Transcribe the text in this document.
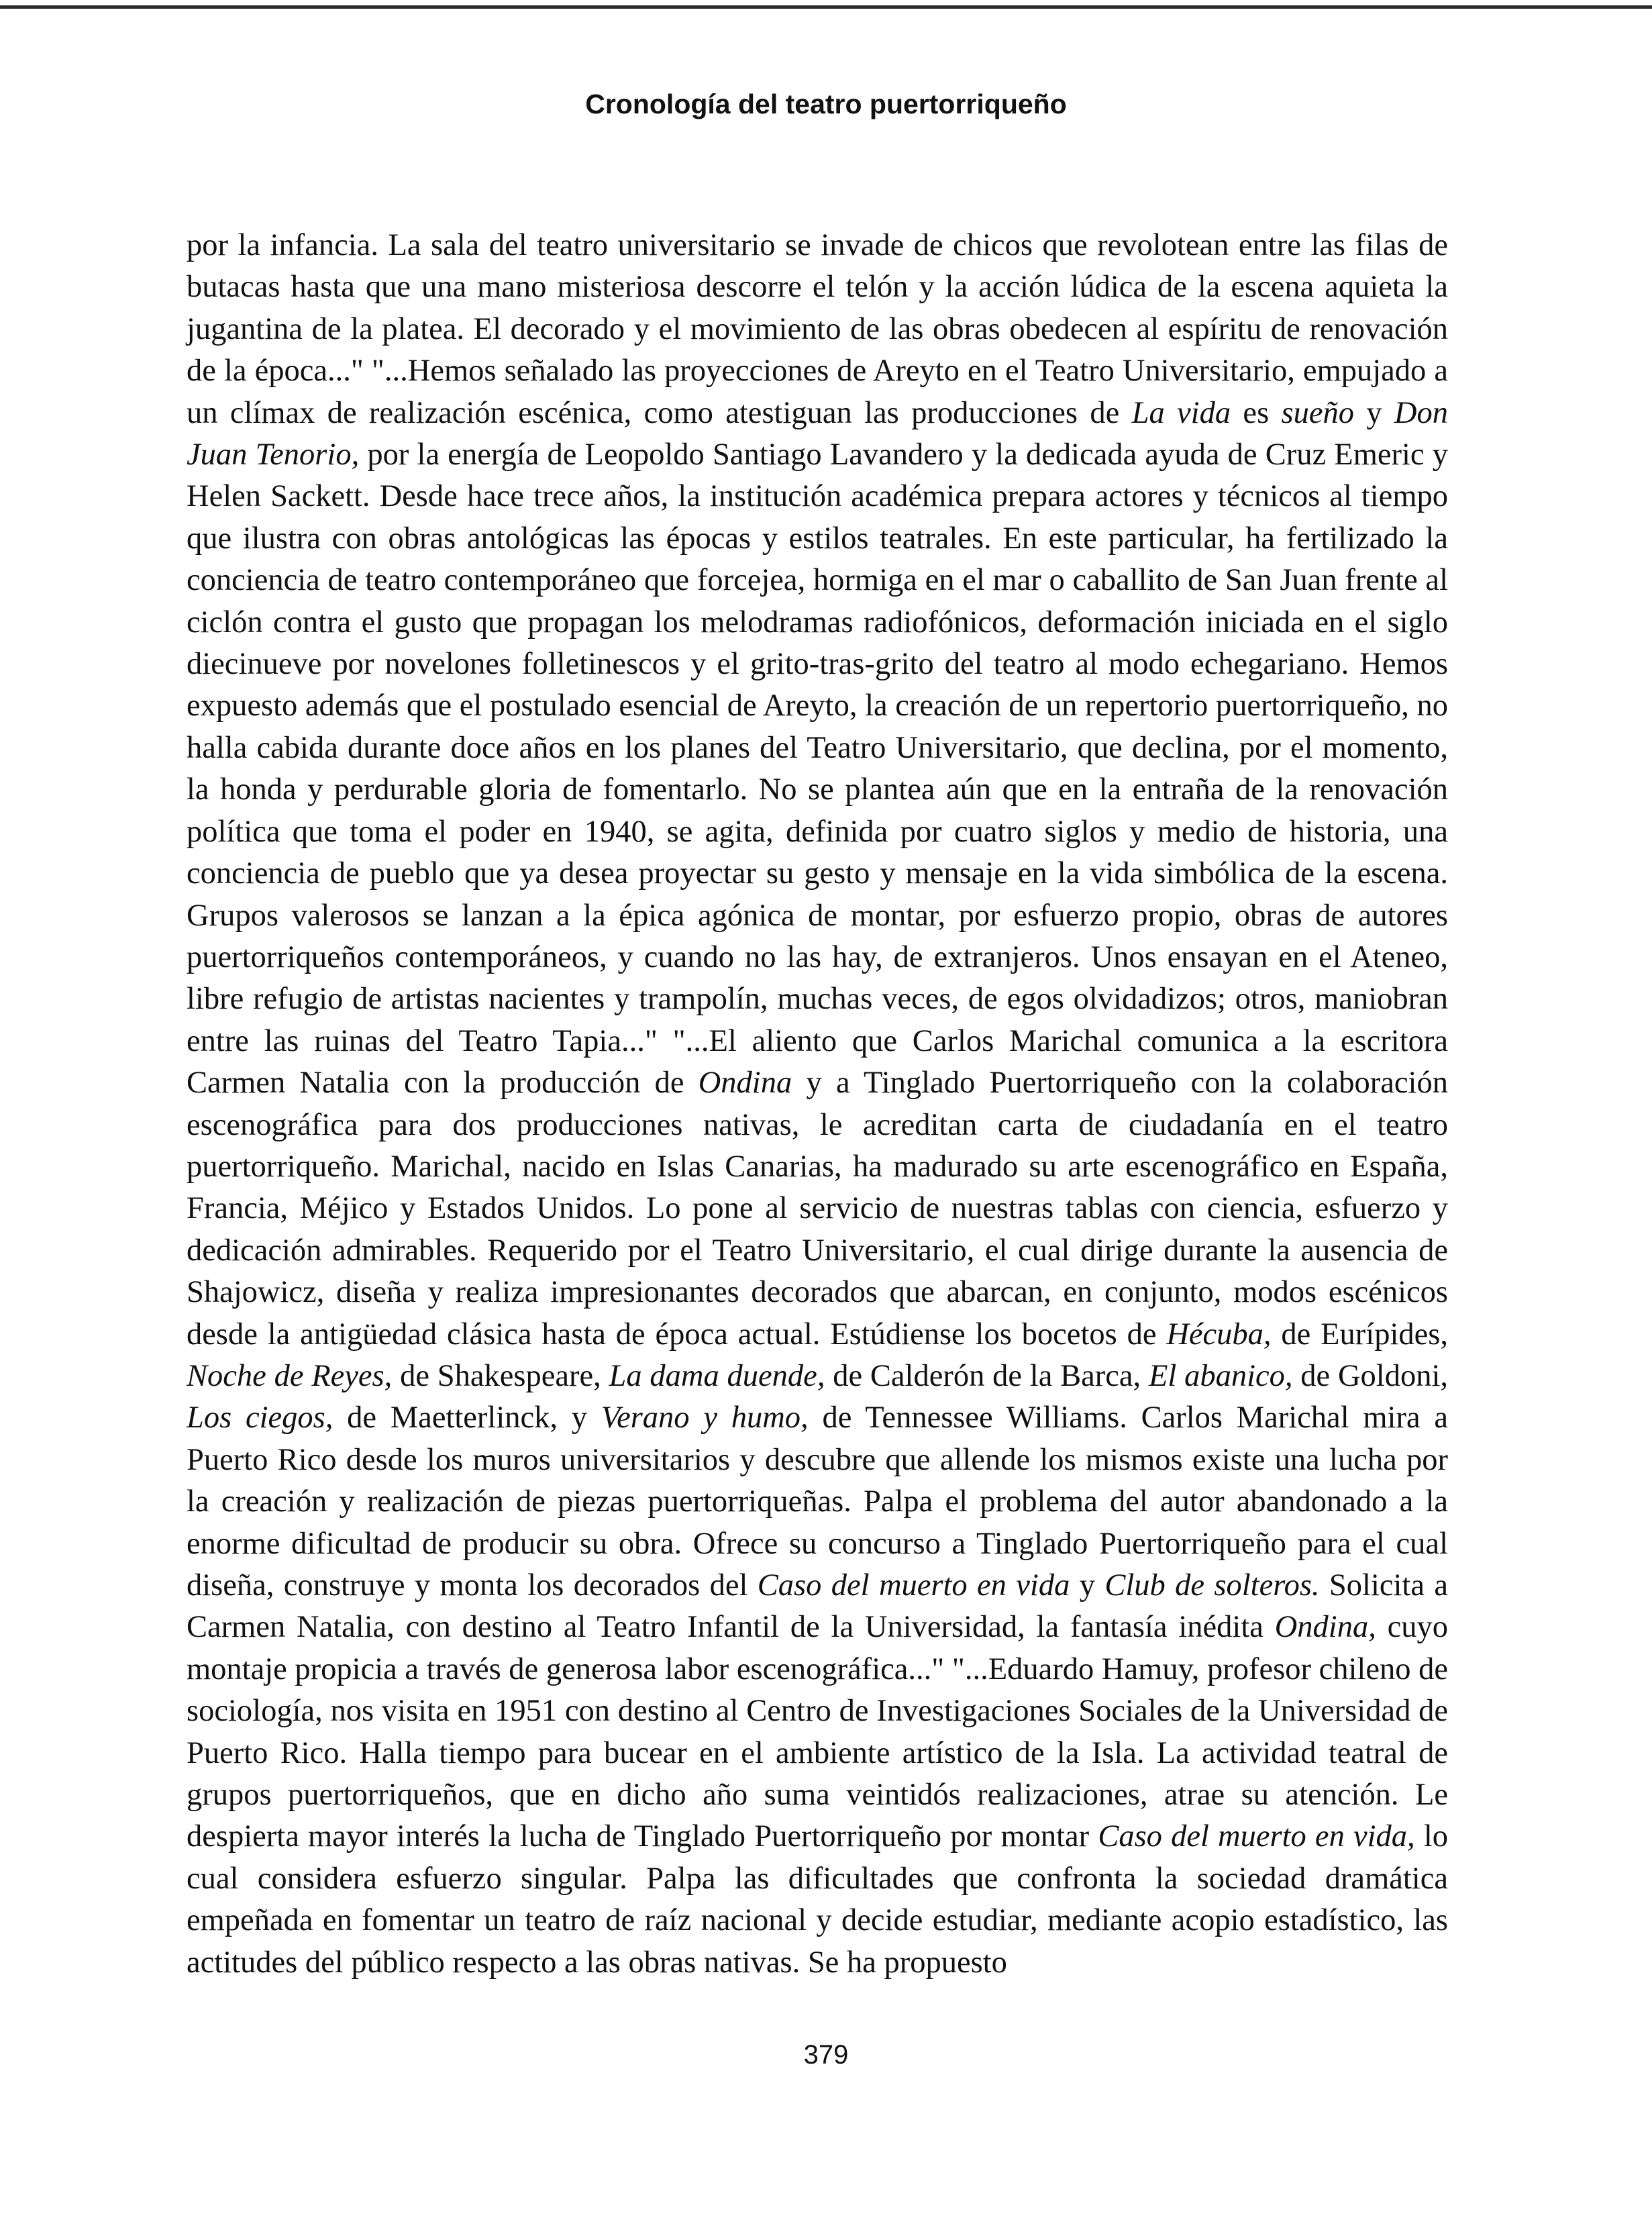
Cronología del teatro puertorriqueño
por la infancia. La sala del teatro universitario se invade de chicos que revolotean entre las filas de butacas hasta que una mano misteriosa descorre el telón y la acción lúdica de la escena aquieta la jugantina de la platea. El decorado y el movimiento de las obras obedecen al espíritu de renovación de la época..." "...Hemos señalado las proyecciones de Areyto en el Teatro Universitario, empujado a un clímax de realización escénica, como atestiguan las producciones de La vida es sueño y Don Juan Tenorio, por la energía de Leopoldo Santiago Lavandero y la dedicada ayuda de Cruz Emeric y Helen Sackett. Desde hace trece años, la institución académica prepara actores y técnicos al tiempo que ilustra con obras antológicas las épocas y estilos teatrales. En este particular, ha fertilizado la conciencia de teatro contemporáneo que forcejea, hormiga en el mar o caballito de San Juan frente al ciclón contra el gusto que propagan los melodramas radiofónicos, deformación iniciada en el siglo diecinueve por novelones folletinescos y el grito-tras-grito del teatro al modo echegariano. Hemos expuesto además que el postulado esencial de Areyto, la creación de un repertorio puertorriqueño, no halla cabida durante doce años en los planes del Teatro Universitario, que declina, por el momento, la honda y perdurable gloria de fomentarlo. No se plantea aún que en la entraña de la renovación política que toma el poder en 1940, se agita, definida por cuatro siglos y medio de historia, una conciencia de pueblo que ya desea proyectar su gesto y mensaje en la vida simbólica de la escena. Grupos valerosos se lanzan a la épica agónica de montar, por esfuerzo propio, obras de autores puertorriqueños contemporáneos, y cuando no las hay, de extranjeros. Unos ensayan en el Ateneo, libre refugio de artistas nacientes y trampolín, muchas veces, de egos olvidadizos; otros, maniobran entre las ruinas del Teatro Tapia..." "...El aliento que Carlos Marichal comunica a la escritora Carmen Natalia con la producción de Ondina y a Tinglado Puertorriqueño con la colaboración escenográfica para dos producciones nativas, le acreditan carta de ciudadanía en el teatro puertorriqueño. Marichal, nacido en Islas Canarias, ha madurado su arte escenográfico en España, Francia, Méjico y Estados Unidos. Lo pone al servicio de nuestras tablas con ciencia, esfuerzo y dedicación admirables. Requerido por el Teatro Universitario, el cual dirige durante la ausencia de Shajowicz, diseña y realiza impresionantes decorados que abarcan, en conjunto, modos escénicos desde la antigüedad clásica hasta de época actual. Estúdiense los bocetos de Hécuba, de Eurípides, Noche de Reyes, de Shakespeare, La dama duende, de Calderón de la Barca, El abanico, de Goldoni, Los ciegos, de Maetterlinck, y Verano y humo, de Tennessee Williams. Carlos Marichal mira a Puerto Rico desde los muros universitarios y descubre que allende los mismos existe una lucha por la creación y realización de piezas puertorriqueñas. Palpa el problema del autor abandonado a la enorme dificultad de producir su obra. Ofrece su concurso a Tinglado Puertorriqueño para el cual diseña, construye y monta los decorados del Caso del muerto en vida y Club de solteros. Solicita a Carmen Natalia, con destino al Teatro Infantil de la Universidad, la fantasía inédita Ondina, cuyo montaje propicia a través de generosa labor escenográfica..." "...Eduardo Hamuy, profesor chileno de sociología, nos visita en 1951 con destino al Centro de Investigaciones Sociales de la Universidad de Puerto Rico. Halla tiempo para bucear en el ambiente artístico de la Isla. La actividad teatral de grupos puertorriqueños, que en dicho año suma veintidós realizaciones, atrae su atención. Le despierta mayor interés la lucha de Tinglado Puertorriqueño por montar Caso del muerto en vida, lo cual considera esfuerzo singular. Palpa las dificultades que confronta la sociedad dramática empeñada en fomentar un teatro de raíz nacional y decide estudiar, mediante acopio estadístico, las actitudes del público respecto a las obras nativas. Se ha propuesto
379
